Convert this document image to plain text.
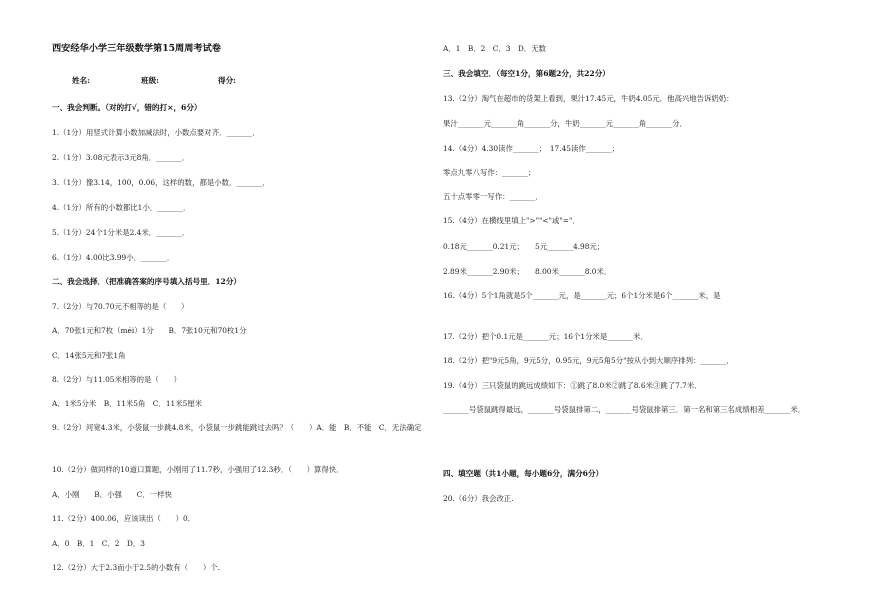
西安经华小学三年级数学第15周周考试卷
姓名:	班级:	得分:
一、我会判断。（对的打√，错的打×，6分）
1.（1分）用竖式计算小数加减法时，小数点要对齐．_______．
2.（1分）3.08元表示3元8角．_______．
3.（1分）像3.14，100，0.06，这样的数，都是小数．_______．
4.（1分）所有的小数都比1小．_______．
5.（1分）24个1分米是2.4米．_______．
6.（1分）4.00比3.99小．_______．
二、我会选择．（把准确答案的序号填入括号里．12分）
7.（2分）与70.70元不相等的是（　　）
A．70张1元和7枚（méi）1分　　B．7张10元和70枚1分
C．14张5元和7张1角
8.（2分）与11.05米相等的是（　　）
A．1米5分米　B．11米5角　C．11米5厘米
9.（2分）河宽4.3米，小袋鼠一步跳4.8米，小袋鼠一步跳能跳过去吗？（　　）A．能　B．不能　C．无法确定
10.（2分）做同样的10道口算题，小刚用了11.7秒，小强用了12.3秒．（　　）算得快．
A．小刚　　B．小强　　C．一样快
11.（2分）400.06，应该读出（　　）0.
A．0　B．1　C．2　D．3
12.（2分）大于2.3而小于2.5的小数有（　　）个.
A．1　B．2　C．3　D．无数
三、我会填空．（每空1分，第6题2分，共22分）
13.（2分）淘气在超市的货架上看到，果汁17.45元，牛奶4.05元．他高兴地告诉奶奶：
果汁_______元_______角_______分，牛奶_______元_______角_______分．
14.（4分）4.30读作_______；　17.45读作_______；
零点九零八写作：_______；
五十点零零一写作：_______．
15.（4分）在横线里填上">""<"或"="．
0.18元_______0.21元；　　5元_______4.98元；
2.89米_______2.90米；　　8.00米_______8.0米．
16.（4分）5个1角就是5个_______元，是_______元；6个1分米是6个_______米，是
17.（2分）把个0.1元是_______元；16个1分米是_______米．
18.（2分）把"9元5角，9元5分，0.95元，9元5角5分"按从小到大顺序排列：_______．
19.（4分）三只袋鼠的跳远成绩如下：①跳了8.0米②跳了8.6米③跳了7.7米．
_______号袋鼠跳得最远，_______号袋鼠排第二，_______号袋鼠排第三．第一名和第三名成绩相差_______米．
四、填空题（共1小题，每小题6分，满分6分）
20.（6分）我会改正.
